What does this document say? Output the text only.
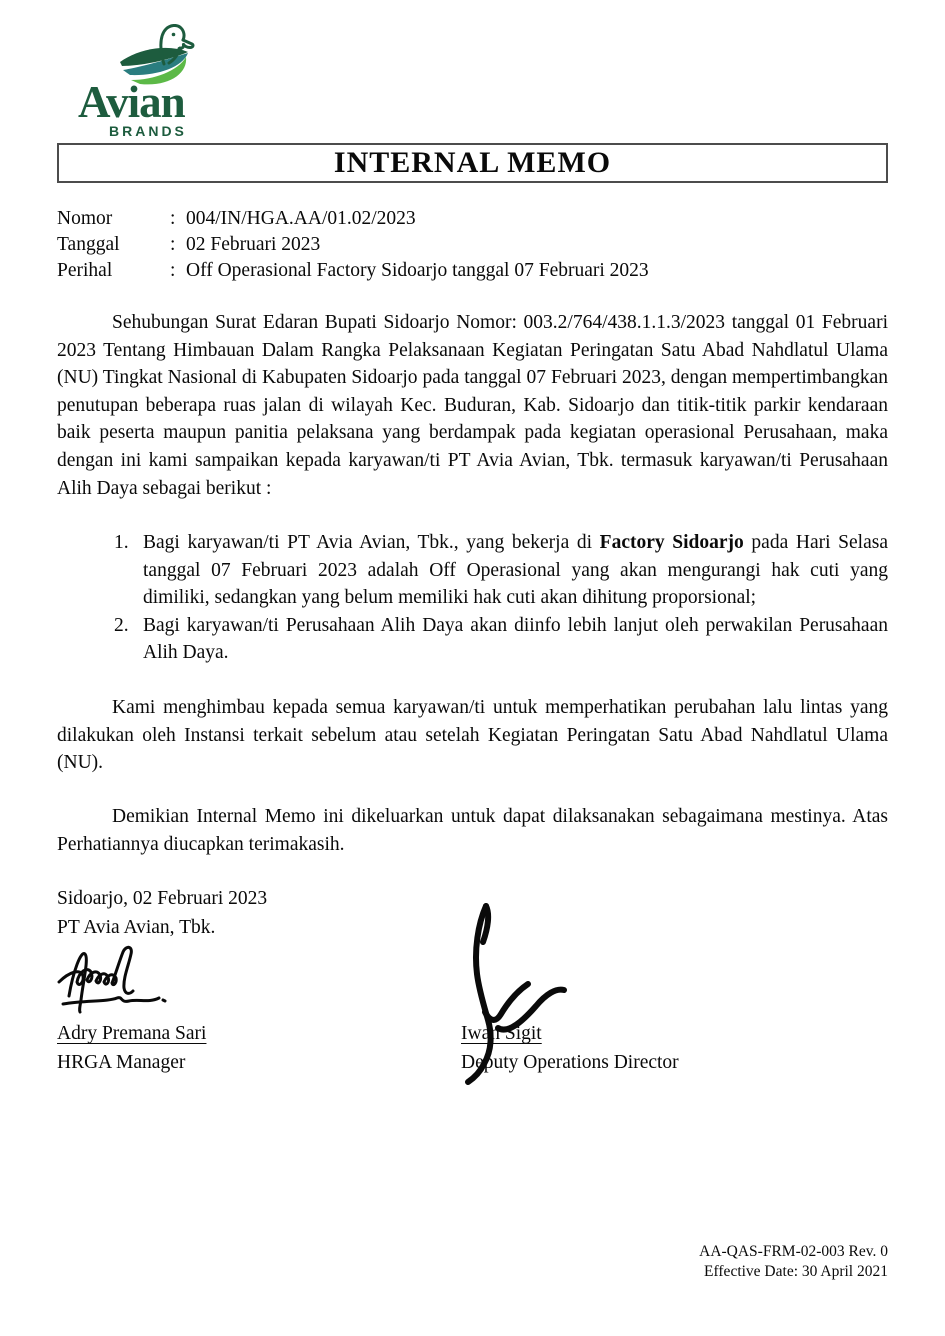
Avian
BRANDS
INTERNAL MEMO
Nomor	: 004/IN/HGA.AA/01.02/2023
Tanggal	: 02 Februari 2023
Perihal	: Off Operasional Factory Sidoarjo tanggal 07 Februari 2023

Sehubungan Surat Edaran Bupati Sidoarjo Nomor: 003.2/764/438.1.1.3/2023 tanggal 01 Februari 2023 Tentang Himbauan Dalam Rangka Pelaksanaan Kegiatan Peringatan Satu Abad Nahdlatul Ulama (NU) Tingkat Nasional di Kabupaten Sidoarjo pada tanggal 07 Februari 2023, dengan mempertimbangkan penutupan beberapa ruas jalan di wilayah Kec. Buduran, Kab. Sidoarjo dan titik-titik parkir kendaraan baik peserta maupun panitia pelaksana yang berdampak pada kegiatan operasional Perusahaan, maka dengan ini kami sampaikan kepada karyawan/ti PT Avia Avian, Tbk. termasuk karyawan/ti Perusahaan Alih Daya sebagai berikut :

1. Bagi karyawan/ti PT Avia Avian, Tbk., yang bekerja di Factory Sidoarjo pada Hari Selasa tanggal 07 Februari 2023 adalah Off Operasional yang akan mengurangi hak cuti yang dimiliki, sedangkan yang belum memiliki hak cuti akan dihitung proporsional;
2. Bagi karyawan/ti Perusahaan Alih Daya akan diinfo lebih lanjut oleh perwakilan Perusahaan Alih Daya.

Kami menghimbau kepada semua karyawan/ti untuk memperhatikan perubahan lalu lintas yang dilakukan oleh Instansi terkait sebelum atau setelah Kegiatan Peringatan Satu Abad Nahdlatul Ulama (NU).

Demikian Internal Memo ini dikeluarkan untuk dapat dilaksanakan sebagaimana mestinya. Atas Perhatiannya diucapkan terimakasih.

Sidoarjo, 02 Februari 2023
PT Avia Avian, Tbk.
Adry Premana Sari
HRGA Manager
Iwan Sigit
Deputy Operations Director
AA-QAS-FRM-02-003 Rev. 0
Effective Date: 30 April 2021
